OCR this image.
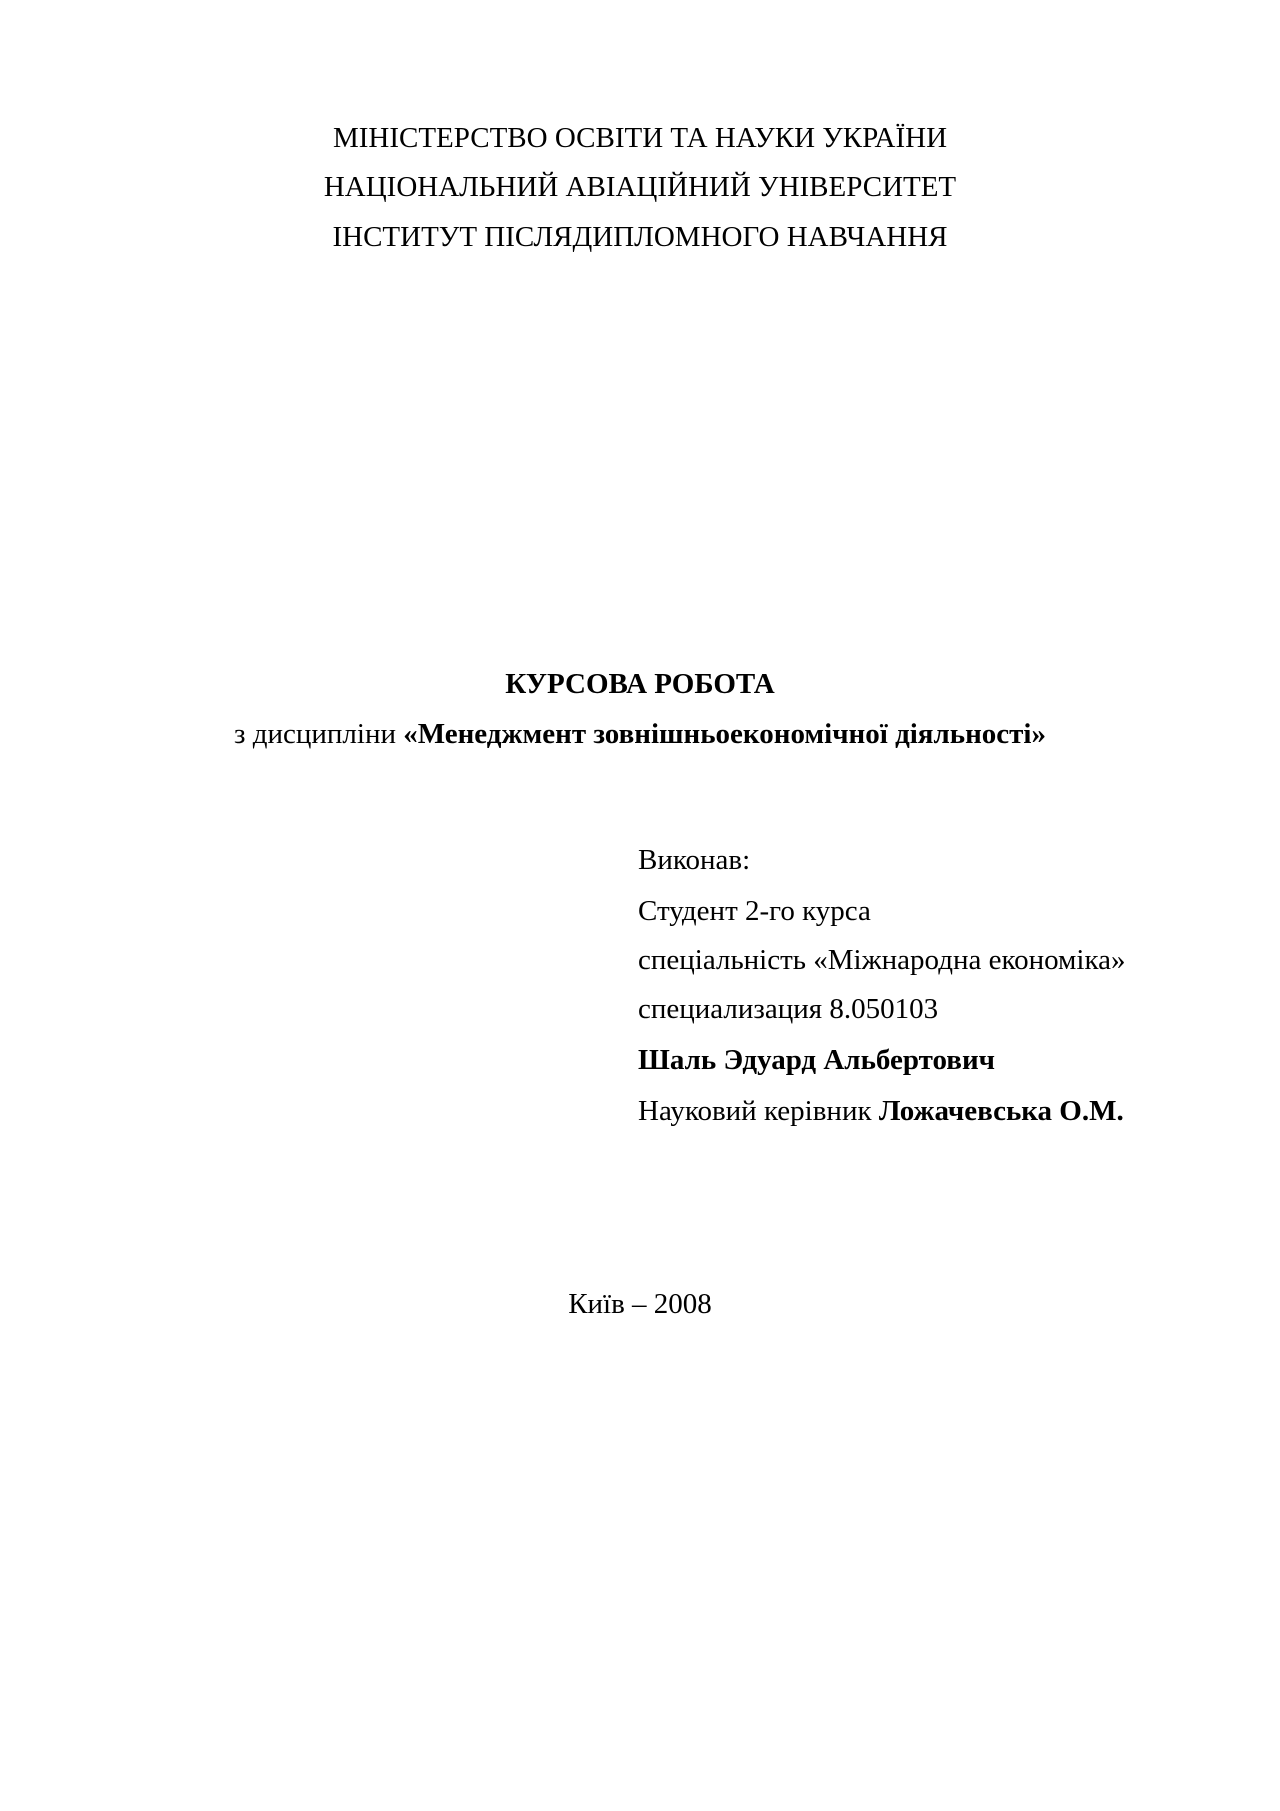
МІНІСТЕРСТВО ОСВІТИ ТА НАУКИ УКРАЇНИ
НАЦІОНАЛЬНИЙ АВІАЦІЙНИЙ УНІВЕРСИТЕТ
ІНСТИТУТ ПІСЛЯДИПЛОМНОГО НАВЧАННЯ
КУРСОВА РОБОТА
з дисципліни «Менеджмент зовнішньоекономічної діяльності»
Виконав:
Студент 2-го курса
спеціальність «Міжнародна економіка»
специализация 8.050103
Шаль Эдуард Альбертович
Науковий керівник Ложачевська О.М.
Київ – 2008
